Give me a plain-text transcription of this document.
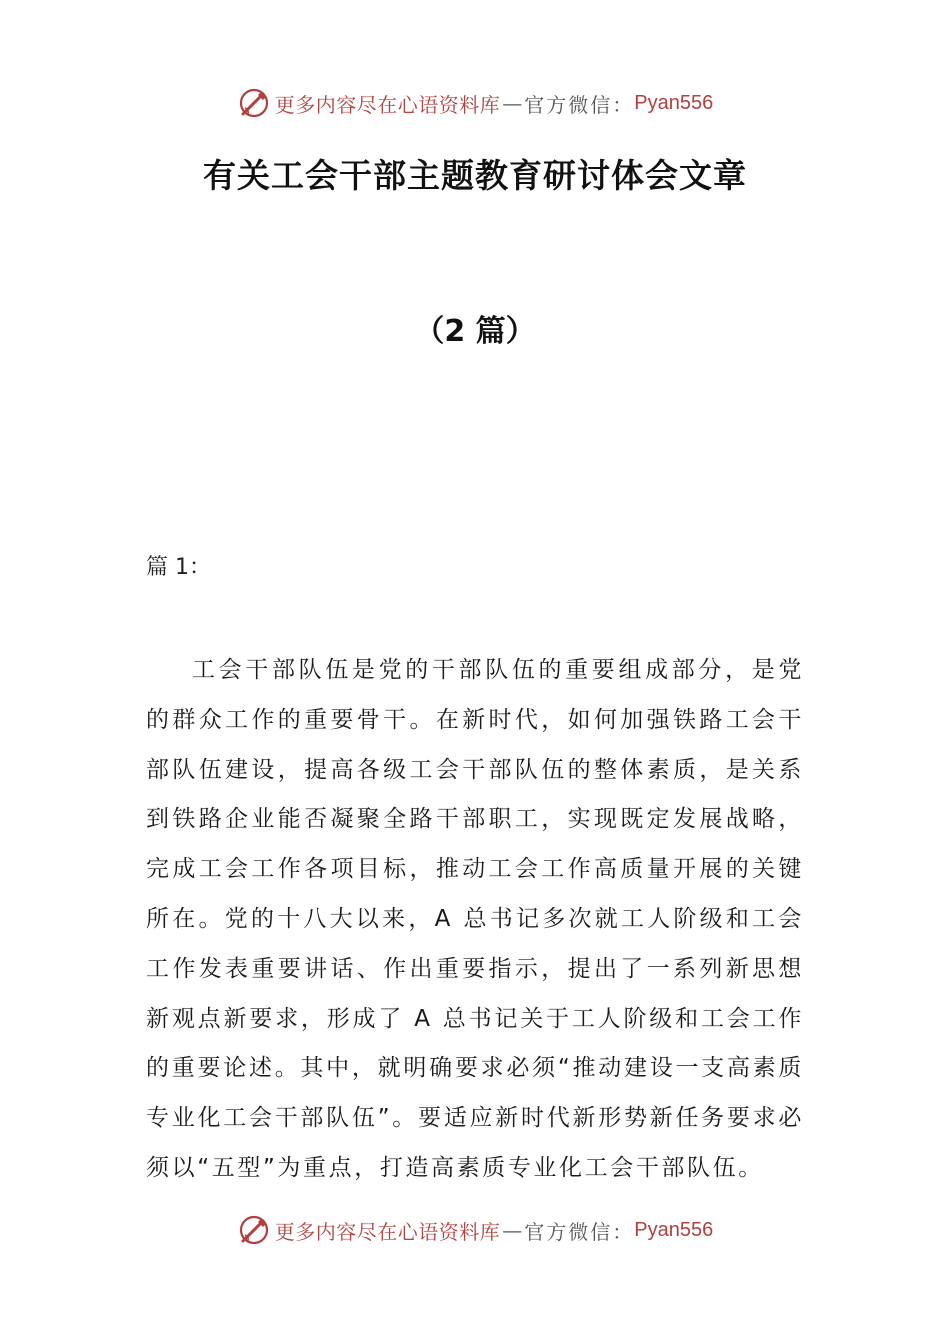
更多内容尽在心语资料库 — 官方微信： Pyan556
有关工会干部主题教育研讨体会文章
（2 篇）
篇 1：

工会干部队伍是党的干部队伍的重要组成部分，是党的群众工作的重要骨干。在新时代，如何加强铁路工会干部队伍建设，提高各级工会干部队伍的整体素质，是关系到铁路企业能否凝聚全路干部职工，实现既定发展战略，完成工会工作各项目标，推动工会工作高质量开展的关键所在。党的十八大以来，A 总书记多次就工人阶级和工会工作发表重要讲话、作出重要指示，提出了一系列新思想新观点新要求，形成了 A 总书记关于工人阶级和工会工作的重要论述。其中，就明确要求必须“推动建设一支高素质专业化工会干部队伍”。要适应新时代新形势新任务要求必须以“五型”为重点，打造高素质专业化工会干部队伍。

更多内容尽在心语资料库 — 官方微信： Pyan556
